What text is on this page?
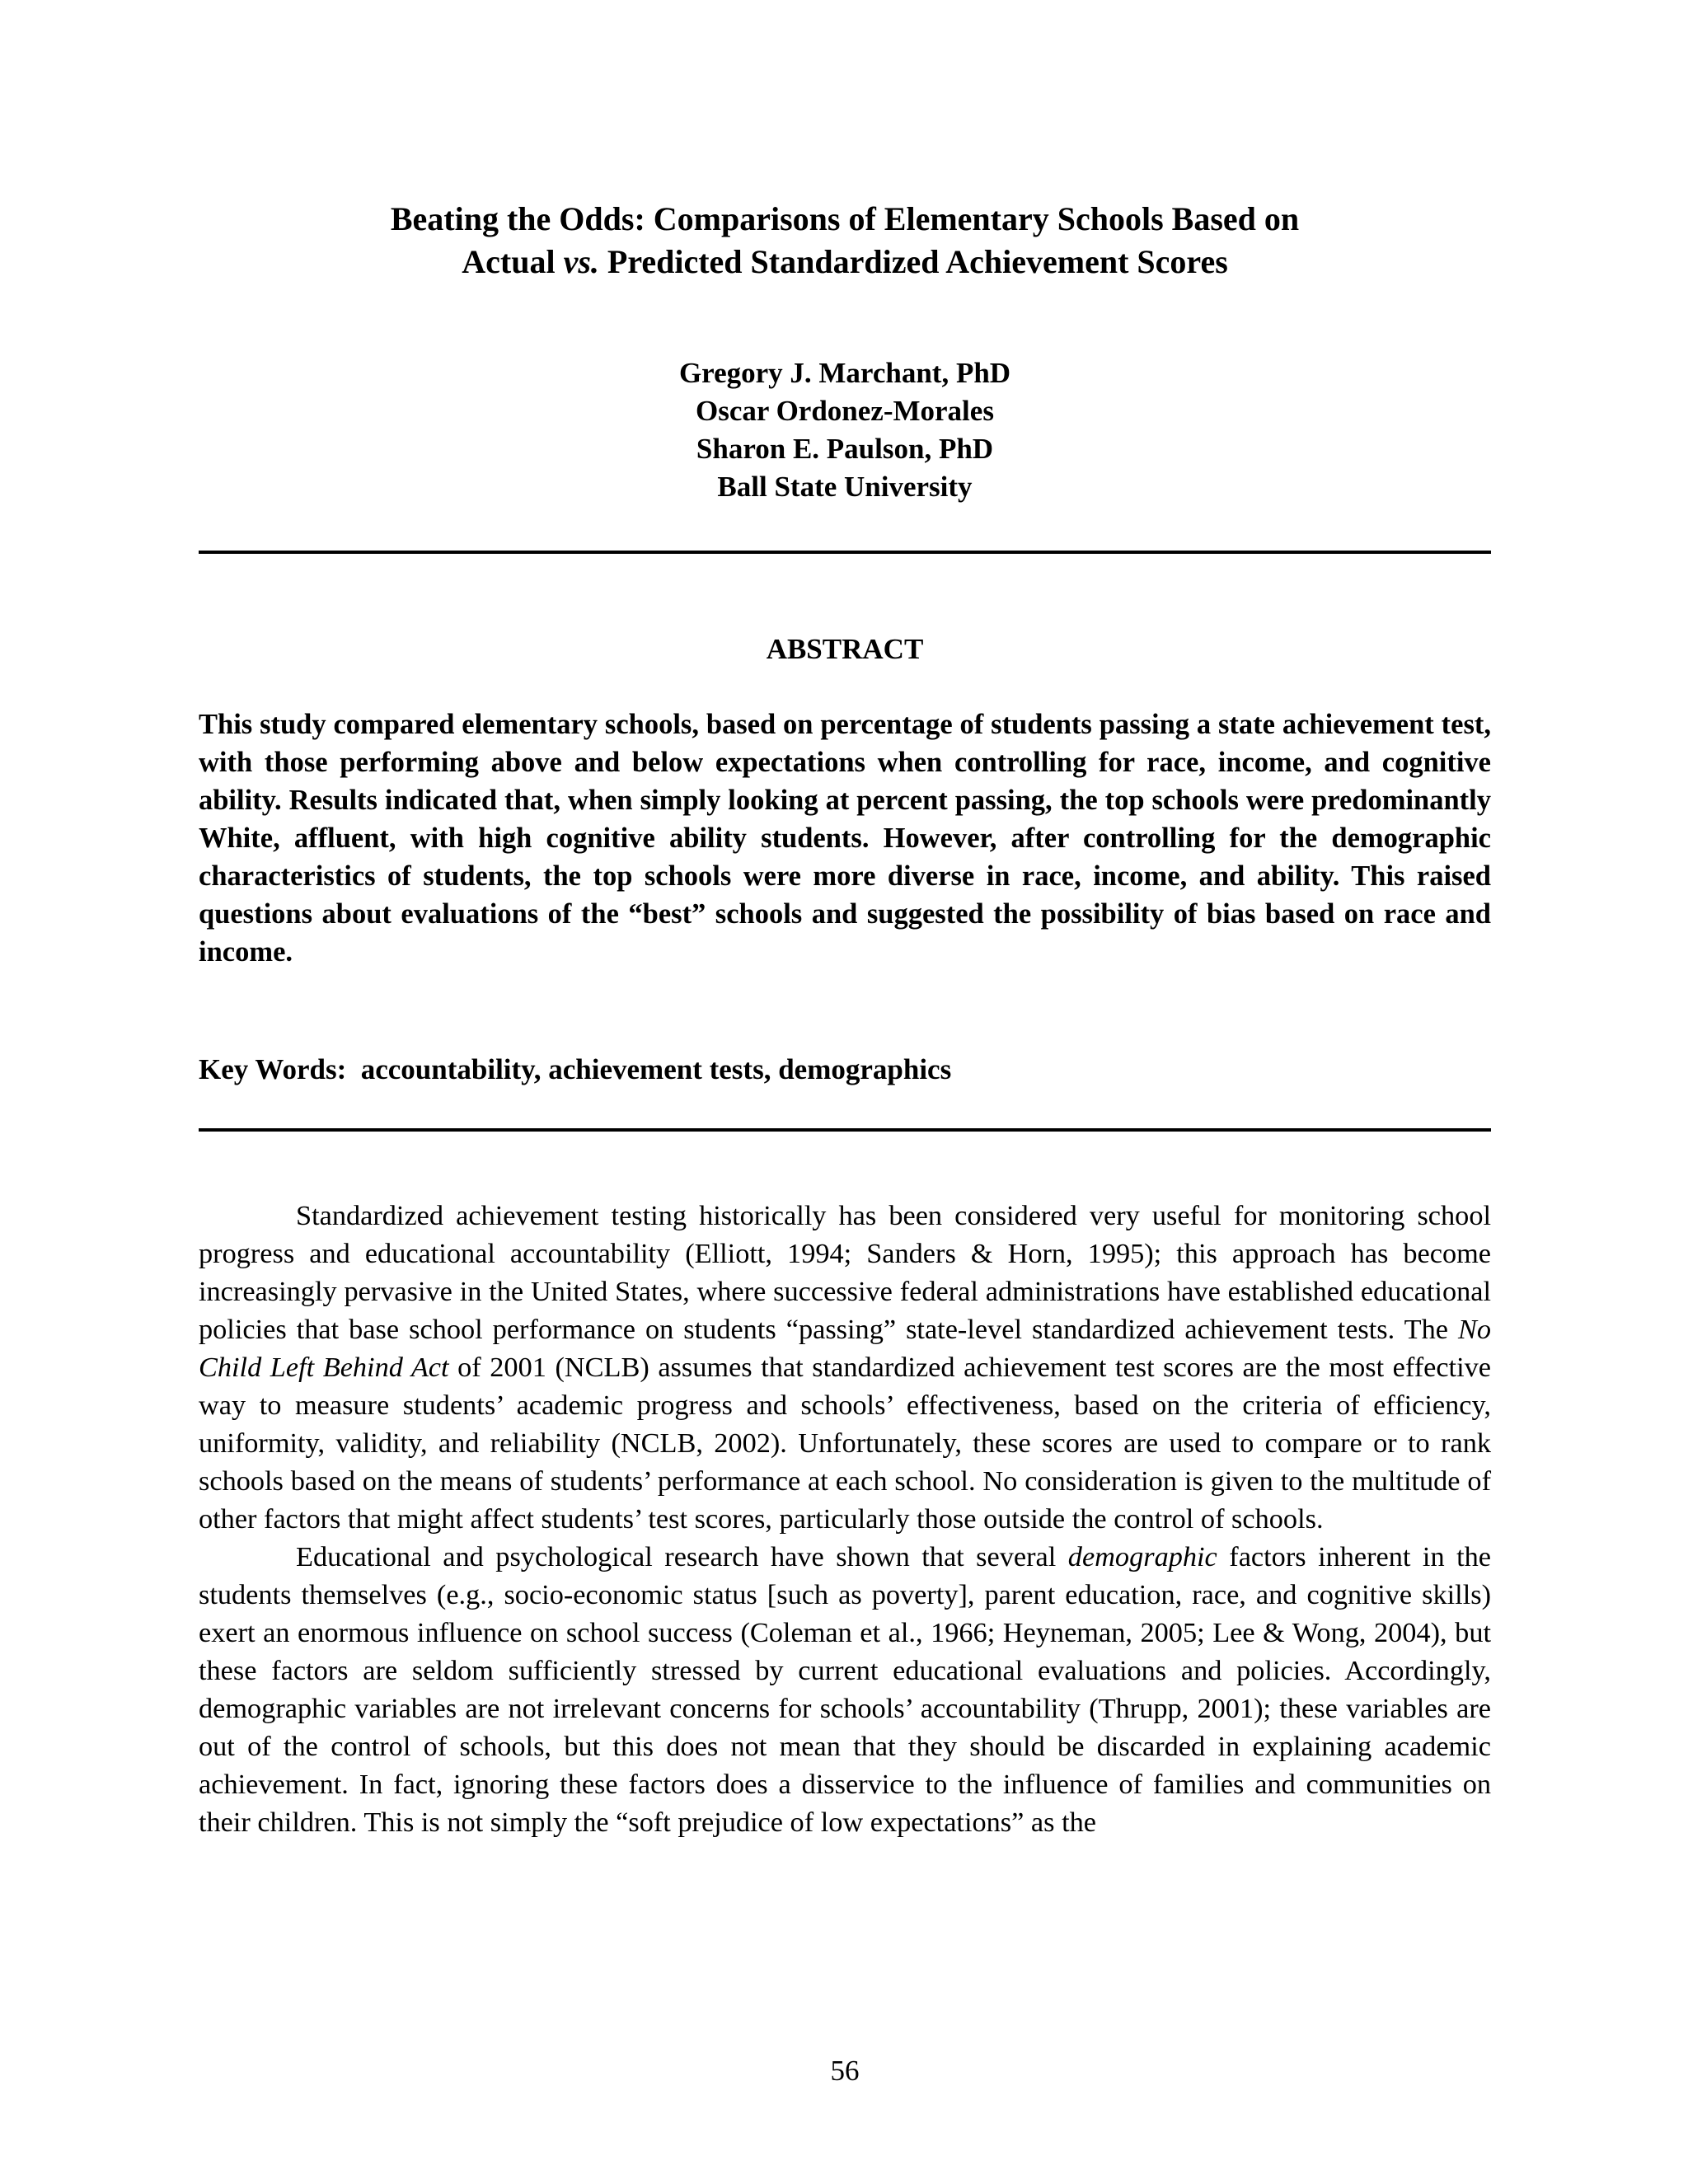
Beating the Odds: Comparisons of Elementary Schools Based on
Actual vs. Predicted Standardized Achievement Scores
Gregory J. Marchant, PhD
Oscar Ordonez-Morales
Sharon E. Paulson, PhD
Ball State University
ABSTRACT

This study compared elementary schools, based on percentage of students passing a state achievement test, with those performing above and below expectations when controlling for race, income, and cognitive ability. Results indicated that, when simply looking at percent passing, the top schools were predominantly White, affluent, with high cognitive ability students. However, after controlling for the demographic characteristics of students, the top schools were more diverse in race, income, and ability. This raised questions about evaluations of the “best” schools and suggested the possibility of bias based on race and income.

Key Words: accountability, achievement tests, demographics

Standardized achievement testing historically has been considered very useful for monitoring school progress and educational accountability (Elliott, 1994; Sanders & Horn, 1995); this approach has become increasingly pervasive in the United States, where successive federal administrations have established educational policies that base school performance on students “passing” state-level standardized achievement tests. The No Child Left Behind Act of 2001 (NCLB) assumes that standardized achievement test scores are the most effective way to measure students’ academic progress and schools’ effectiveness, based on the criteria of efficiency, uniformity, validity, and reliability (NCLB, 2002). Unfortunately, these scores are used to compare or to rank schools based on the means of students’ performance at each school. No consideration is given to the multitude of other factors that might affect students’ test scores, particularly those outside the control of schools.

Educational and psychological research have shown that several demographic factors inherent in the students themselves (e.g., socio-economic status [such as poverty], parent education, race, and cognitive skills) exert an enormous influence on school success (Coleman et al., 1966; Heyneman, 2005; Lee & Wong, 2004), but these factors are seldom sufficiently stressed by current educational evaluations and policies. Accordingly, demographic variables are not irrelevant concerns for schools’ accountability (Thrupp, 2001); these variables are out of the control of schools, but this does not mean that they should be discarded in explaining academic achievement. In fact, ignoring these factors does a disservice to the influence of families and communities on their children. This is not simply the “soft prejudice of low expectations” as the

56
